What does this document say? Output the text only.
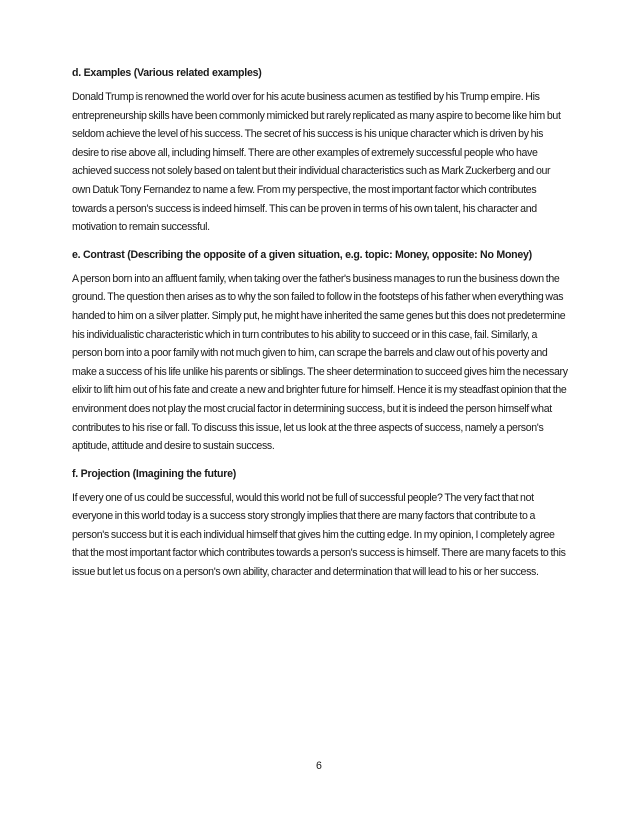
d. Examples (Various related examples)

Donald Trump is renowned the world over for his acute business acumen as testified by his Trump empire. His entrepreneurship skills have been commonly mimicked but rarely replicated as many aspire to become like him but seldom achieve the level of his success. The secret of his success is his unique character which is driven by his desire to rise above all, including himself. There are other examples of extremely successful people who have achieved success not solely based on talent but their individual characteristics such as Mark Zuckerberg and our own Datuk Tony Fernandez to name a few. From my perspective, the most important factor which contributes towards a person's success is indeed himself. This can be proven in terms of his own talent, his character and motivation to remain successful.

e. Contrast (Describing the opposite of a given situation, e.g. topic: Money, opposite: No Money)

A person born into an affluent family, when taking over the father's business manages to run the business down the ground. The question then arises as to why the son failed to follow in the footsteps of his father when everything was handed to him on a silver platter. Simply put, he might have inherited the same genes but this does not predetermine his individualistic characteristic which in turn contributes to his ability to succeed or in this case, fail. Similarly, a person born into a poor family with not much given to him, can scrape the barrels and claw out of his poverty and make a success of his life unlike his parents or siblings. The sheer determination to succeed gives him the necessary elixir to lift him out of his fate and create a new and brighter future for himself. Hence it is my steadfast opinion that the environment does not play the most crucial factor in determining success, but it is indeed the person himself what contributes to his rise or fall. To discuss this issue, let us look at the three aspects of success, namely a person's aptitude, attitude and desire to sustain success.

f. Projection (Imagining the future)

If every one of us could be successful, would this world not be full of successful people? The very fact that not everyone in this world today is a success story strongly implies that there are many factors that contribute to a person's success but it is each individual himself that gives him the cutting edge. In my opinion, I completely agree that the most important factor which contributes towards a person's success is himself. There are many facets to this issue but let us focus on a person's own ability, character and determination that will lead to his or her success.

6
